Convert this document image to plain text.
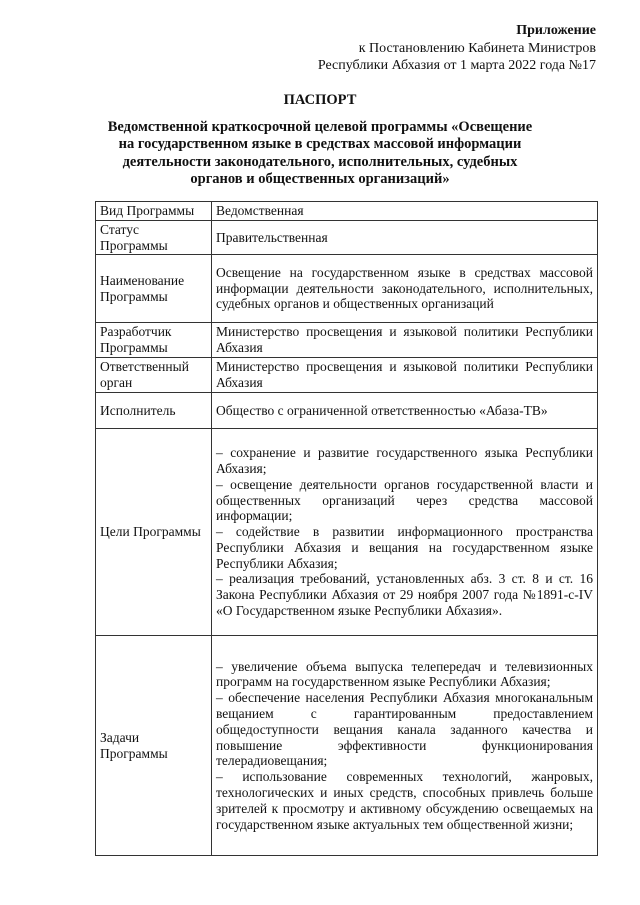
Приложение
к Постановлению Кабинета Министров
Республики Абхазия от 1 марта 2022 года №17
ПАСПОРТ
Ведомственной краткосрочной целевой программы «Освещение
на государственном языке в средствах массовой информации
деятельности законодательного, исполнительных, судебных
органов и общественных организаций»
Вид Программы	Ведомственная
Статус Программы	Правительственная
Наименование Программы	Освещение на государственном языке в средствах массовой информации деятельности законодательного, исполнительных, судебных органов и общественных организаций
Разработчик Программы	Министерство просвещения и языковой политики Республики Абхазия
Ответственный орган	Министерство просвещения и языковой политики Республики Абхазия
Исполнитель	Общество с ограниченной ответственностью «Абаза-ТВ»
Цели Программы	– сохранение и развитие государственного языка Республики Абхазия;
– освещение деятельности органов государственной власти и общественных организаций через средства массовой информации;
– содействие в развитии информационного пространства Республики Абхазия и вещания на государственном языке Республики Абхазия;
– реализация требований, установленных абз. 3 ст. 8 и ст. 16 Закона Республики Абхазия от 29 ноября 2007 года №1891-с-IV «О Государственном языке Республики Абхазия».

Задачи Программы	– увеличение объема выпуска телепередач и телевизионных программ на государственном языке Республики Абхазия;
– обеспечение населения Республики Абхазия многоканальным вещанием с гарантированным предоставлением общедоступности вещания канала заданного качества и повышение эффективности функционирования телерадиовещания;
– использование современных технологий, жанровых, технологических и иных средств, способных привлечь больше зрителей к просмотру и активному обсуждению освещаемых на государственном языке актуальных тем общественной жизни;
